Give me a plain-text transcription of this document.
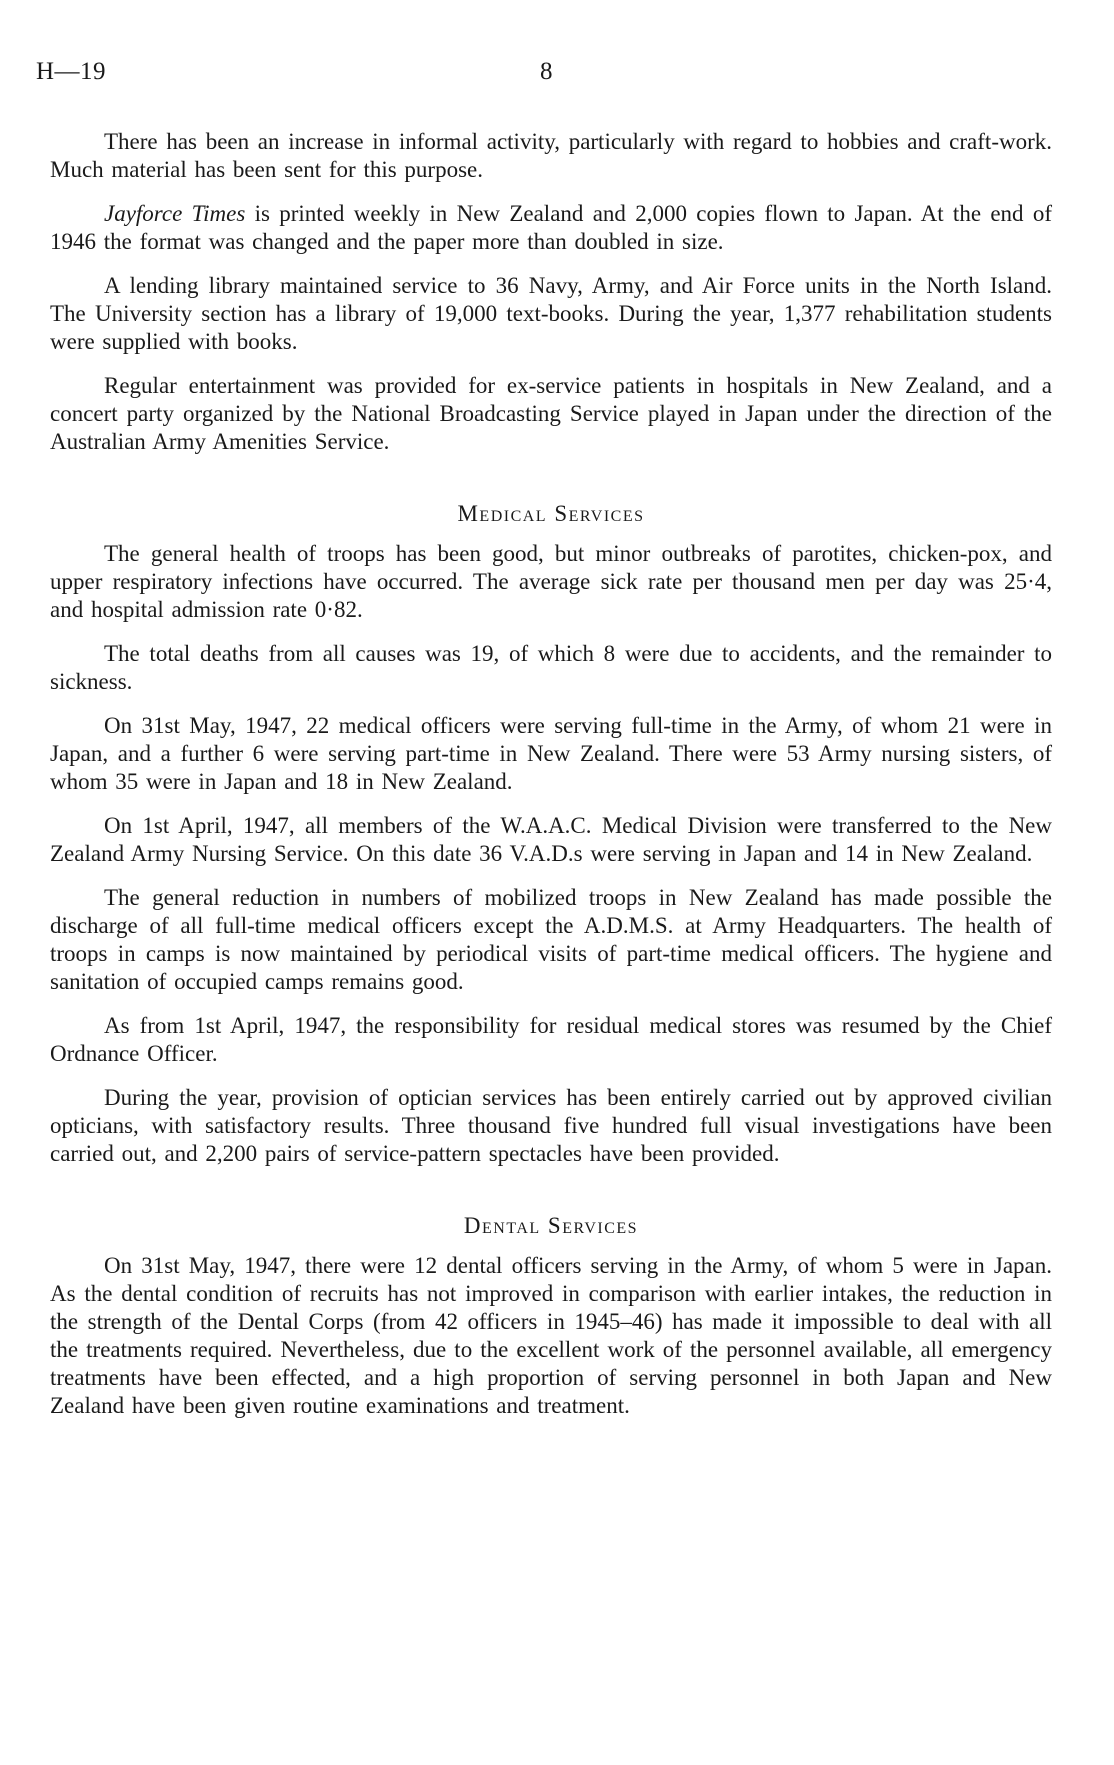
H—19	8

There has been an increase in informal activity, particularly with regard to hobbies and craft-work. Much material has been sent for this purpose.

Jayforce Times is printed weekly in New Zealand and 2,000 copies flown to Japan. At the end of 1946 the format was changed and the paper more than doubled in size.

A lending library maintained service to 36 Navy, Army, and Air Force units in the North Island. The University section has a library of 19,000 text-books. During the year, 1,377 rehabilitation students were supplied with books.

Regular entertainment was provided for ex-service patients in hospitals in New Zealand, and a concert party organized by the National Broadcasting Service played in Japan under the direction of the Australian Army Amenities Service.

Medical Services

The general health of troops has been good, but minor outbreaks of parotites, chicken-pox, and upper respiratory infections have occurred. The average sick rate per thousand men per day was 25·4, and hospital admission rate 0·82.

The total deaths from all causes was 19, of which 8 were due to accidents, and the remainder to sickness.

On 31st May, 1947, 22 medical officers were serving full-time in the Army, of whom 21 were in Japan, and a further 6 were serving part-time in New Zealand. There were 53 Army nursing sisters, of whom 35 were in Japan and 18 in New Zealand.

On 1st April, 1947, all members of the W.A.A.C. Medical Division were transferred to the New Zealand Army Nursing Service. On this date 36 V.A.D.s were serving in Japan and 14 in New Zealand.

The general reduction in numbers of mobilized troops in New Zealand has made possible the discharge of all full-time medical officers except the A.D.M.S. at Army Headquarters. The health of troops in camps is now maintained by periodical visits of part-time medical officers. The hygiene and sanitation of occupied camps remains good.

As from 1st April, 1947, the responsibility for residual medical stores was resumed by the Chief Ordnance Officer.

During the year, provision of optician services has been entirely carried out by approved civilian opticians, with satisfactory results. Three thousand five hundred full visual investigations have been carried out, and 2,200 pairs of service-pattern spectacles have been provided.

Dental Services

On 31st May, 1947, there were 12 dental officers serving in the Army, of whom 5 were in Japan. As the dental condition of recruits has not improved in comparison with earlier intakes, the reduction in the strength of the Dental Corps (from 42 officers in 1945–46) has made it impossible to deal with all the treatments required. Nevertheless, due to the excellent work of the personnel available, all emergency treatments have been effected, and a high proportion of serving personnel in both Japan and New Zealand have been given routine examinations and treatment.
